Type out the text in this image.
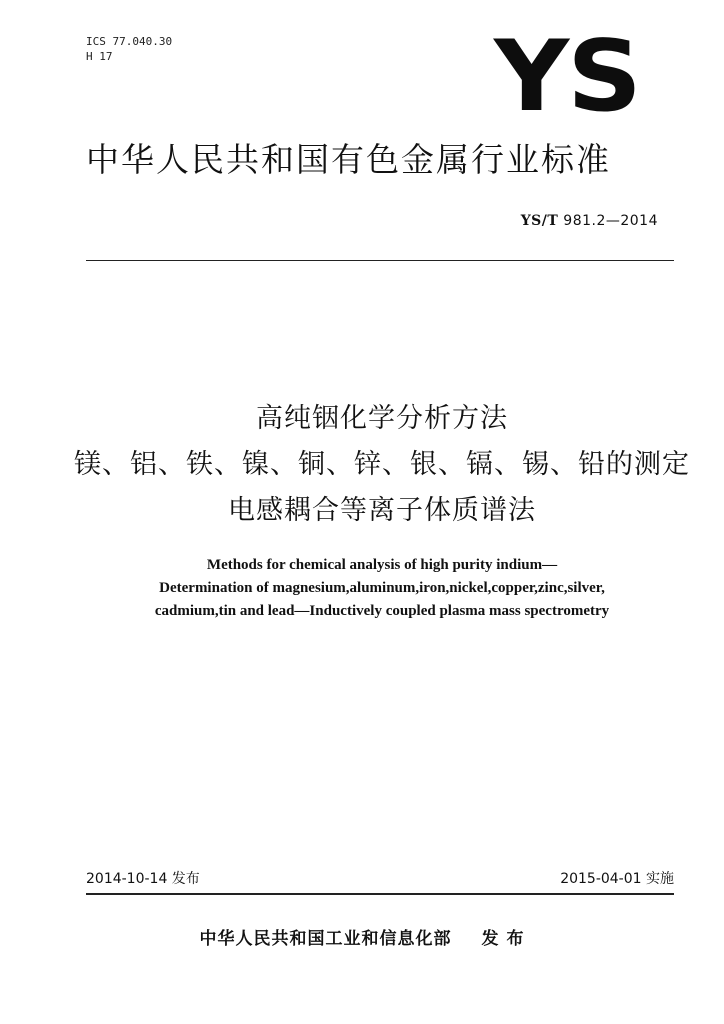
ICS 77.040.30
H 17	YS
中华人民共和国有色金属行业标准
YS/T 981.2—2014
高纯铟化学分析方法
镁、铝、铁、镍、铜、锌、银、镉、锡、铅的测定
电感耦合等离子体质谱法
Methods for chemical analysis of high purity indium—
Determination of magnesium,aluminum,iron,nickel,copper,zinc,silver,
cadmium,tin and lead—Inductively coupled plasma mass spectrometry
2014-10-14 发布	2015-04-01 实施
中华人民共和国工业和信息化部 发 布
